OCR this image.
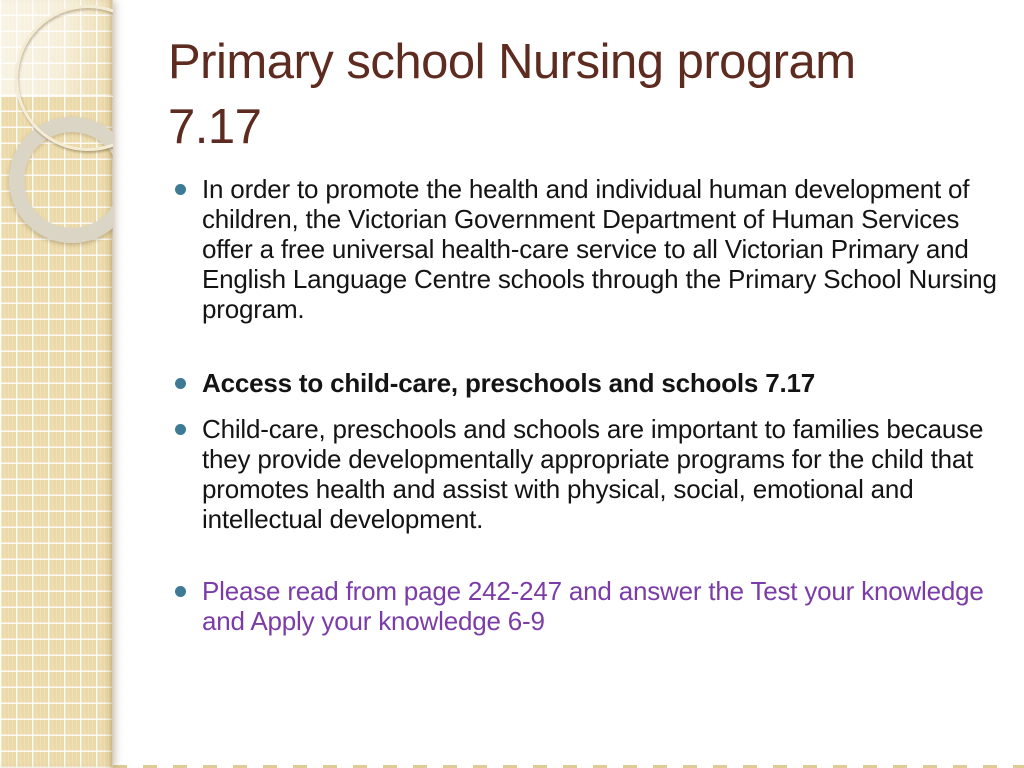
Primary school Nursing program
7.17

In order to promote the health and individual human development of children, the Victorian Government Department of Human Services offer a free universal health-care service to all Victorian Primary and English Language Centre schools through the Primary School Nursing program.

Access to child-care, preschools and schools 7.17

Child-care, preschools and schools are important to families because they provide developmentally appropriate programs for the child that promotes health and assist with physical, social, emotional and intellectual development.

Please read from page 242-247 and answer the Test your knowledge and Apply your knowledge 6-9
